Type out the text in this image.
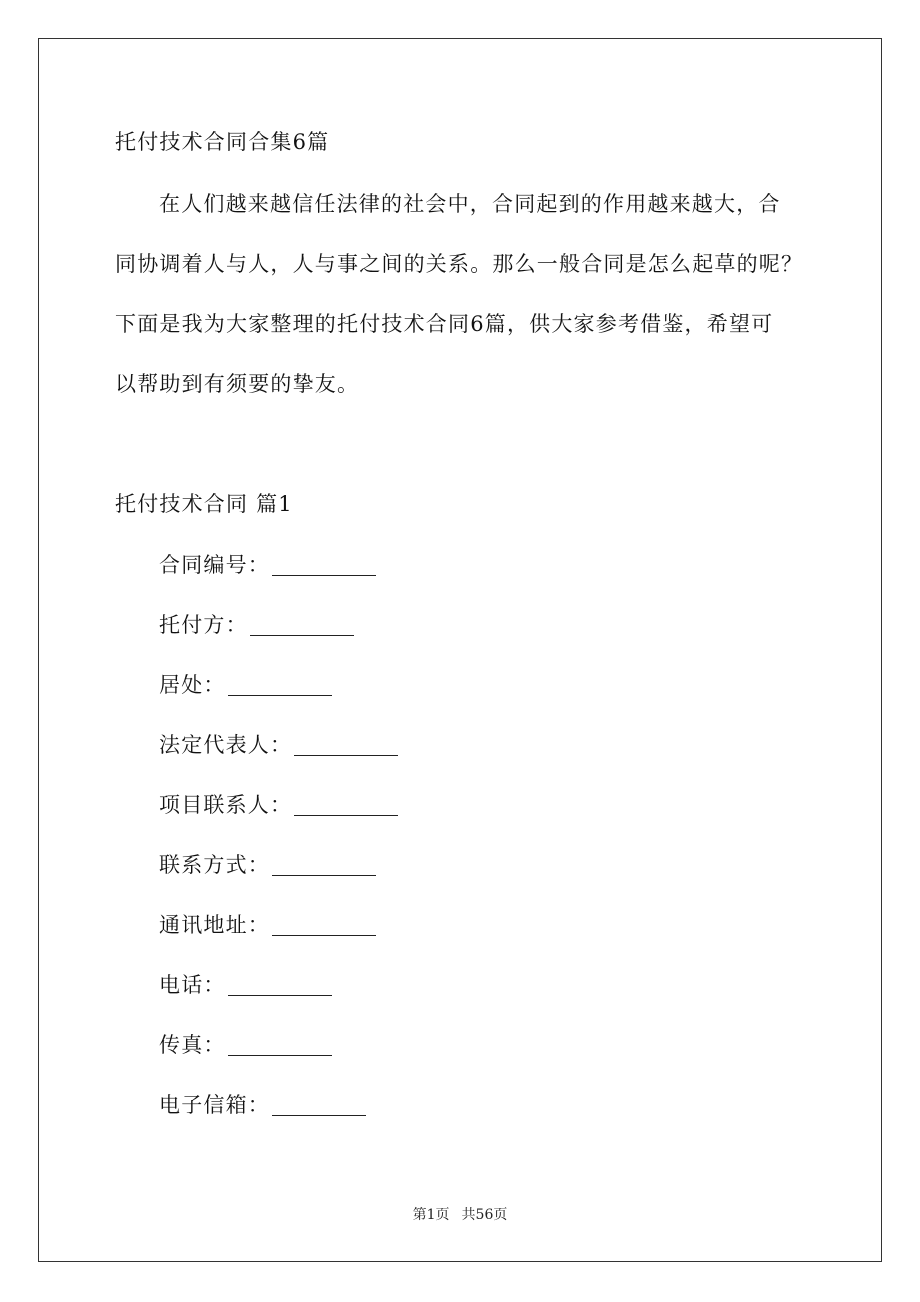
托付技术合同合集6篇
在人们越来越信任法律的社会中，合同起到的作用越来越大，合
同协调着人与人，人与事之间的关系。那么一般合同是怎么起草的呢？
下面是我为大家整理的托付技术合同6篇，供大家参考借鉴，希望可
以帮助到有须要的挚友。
托付技术合同 篇1
合同编号：
托付方：
居处：
法定代表人：
项目联系人：
联系方式：
通讯地址：
电话：
传真：
电子信箱：
第1页 共56页
